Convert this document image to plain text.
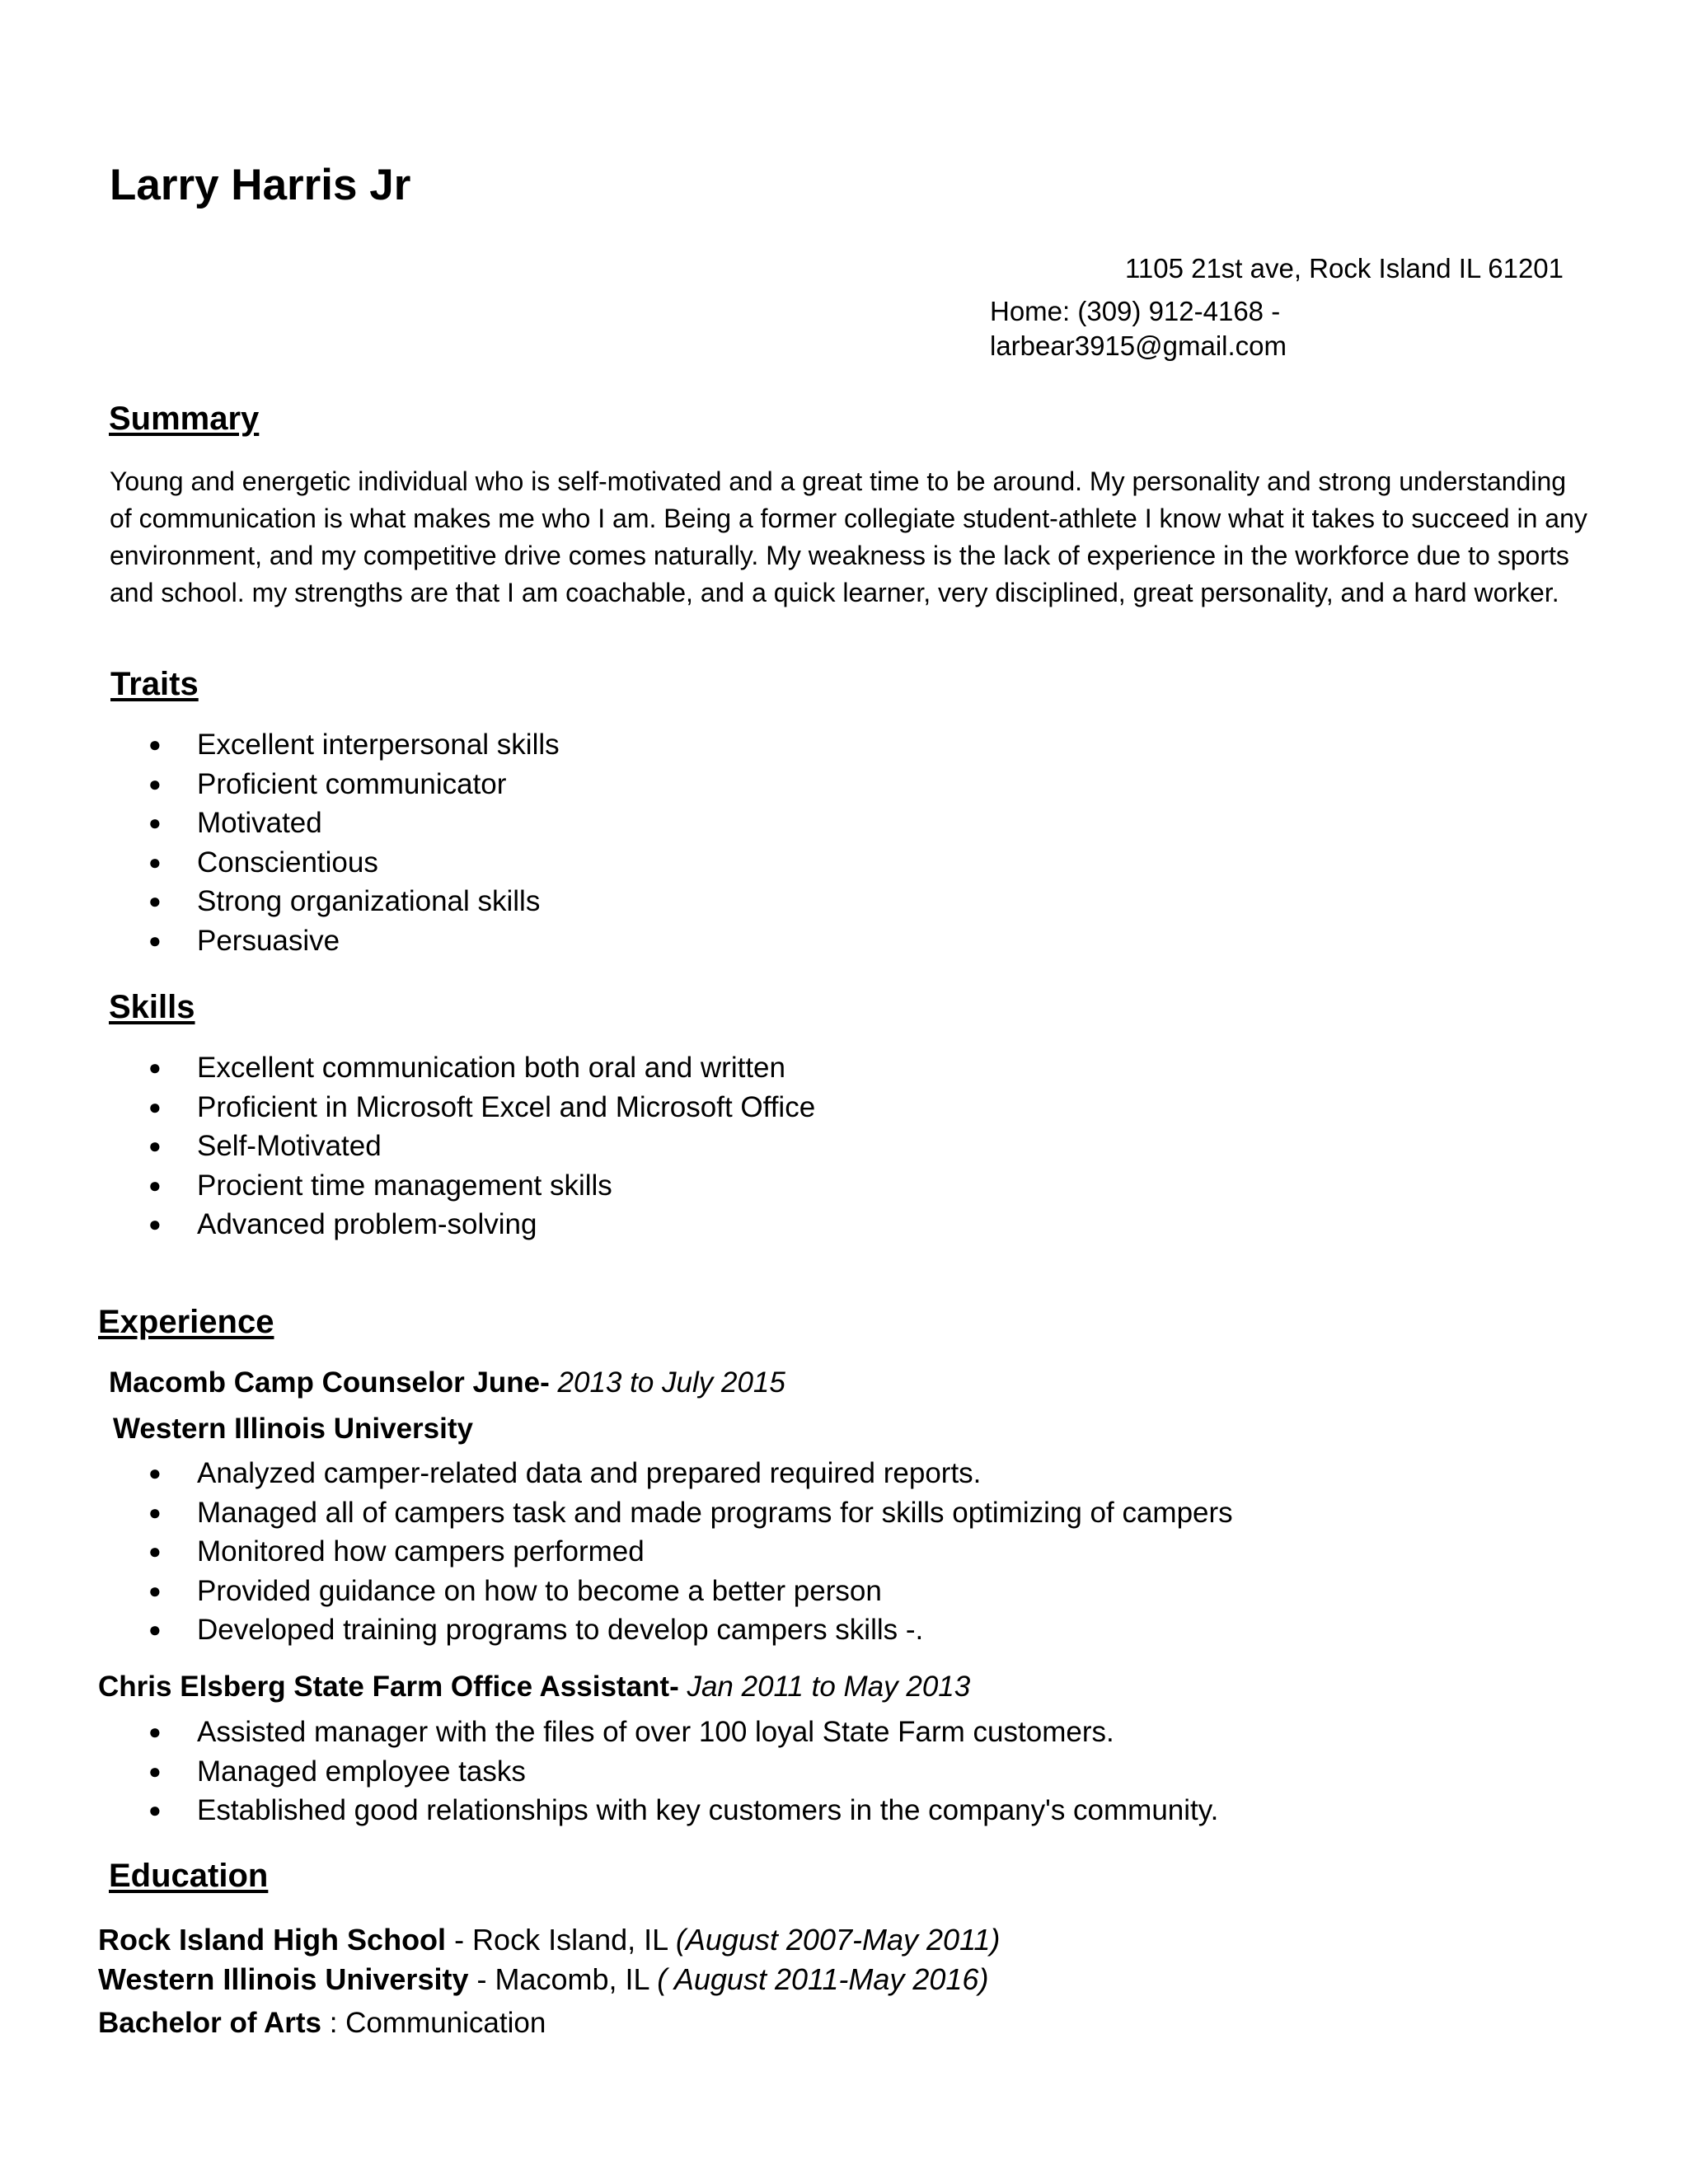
Larry Harris Jr
1105 21st ave, Rock Island IL 61201
Home: (309) 912-4168 -
larbear3915@gmail.com
Summary
Young and energetic individual who is self-motivated and a great time to be around. My personality and strong understanding of communication is what makes me who I am. Being a former collegiate student-athlete I know what it takes to succeed in any environment, and my competitive drive comes naturally. My weakness is the lack of experience in the workforce due to sports and school. my strengths are that I am coachable, and a quick learner, very disciplined, great personality, and a hard worker.
Traits
● Excellent interpersonal skills
● Proficient communicator
● Motivated
● Conscientious
● Strong organizational skills
● Persuasive
Skills
● Excellent communication both oral and written
● Proficient in Microsoft Excel and Microsoft Office
● Self-Motivated
● Procient time management skills
● Advanced problem-solving
Experience
Macomb Camp Counselor June- 2013 to July 2015
Western Illinois University
● Analyzed camper-related data and prepared required reports.
● Managed all of campers task and made programs for skills optimizing of campers
● Monitored how campers performed
● Provided guidance on how to become a better person
● Developed training programs to develop campers skills -.
Chris Elsberg State Farm Office Assistant- Jan 2011 to May 2013
● Assisted manager with the files of over 100 loyal State Farm customers.
● Managed employee tasks
● Established good relationships with key customers in the company's community.
Education
Rock Island High School - Rock Island, IL (August 2007-May 2011)
Western Illinois University - Macomb, IL ( August 2011-May 2016)
Bachelor of Arts : Communication
